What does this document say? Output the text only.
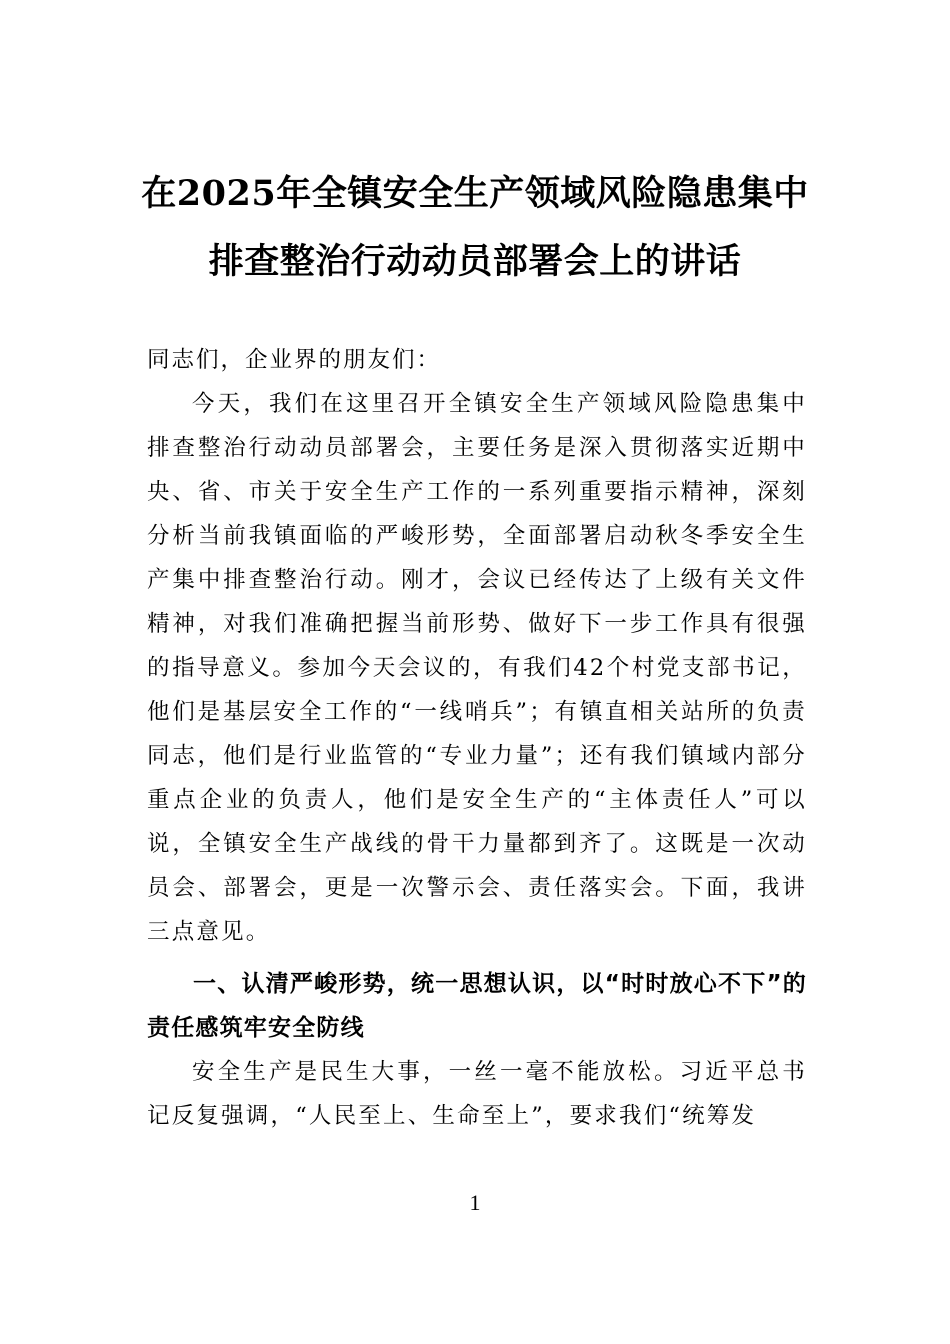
在2025年全镇安全生产领域风险隐患集中
排查整治行动动员部署会上的讲话

同志们，企业界的朋友们：

今天，我们在这里召开全镇安全生产领域风险隐患集中排查整治行动动员部署会，主要任务是深入贯彻落实近期中央、省、市关于安全生产工作的一系列重要指示精神，深刻分析当前我镇面临的严峻形势，全面部署启动秋冬季安全生产集中排查整治行动。刚才，会议已经传达了上级有关文件精神，对我们准确把握当前形势、做好下一步工作具有很强的指导意义。参加今天会议的，有我们42个村党支部书记，他们是基层安全工作的“一线哨兵”；有镇直相关站所的负责同志，他们是行业监管的“专业力量”；还有我们镇域内部分重点企业的负责人，他们是安全生产的“主体责任人”可以说，全镇安全生产战线的骨干力量都到齐了。这既是一次动员会、部署会，更是一次警示会、责任落实会。下面，我讲三点意见。

一、认清严峻形势，统一思想认识，以“时时放心不下”的责任感筑牢安全防线

安全生产是民生大事，一丝一毫不能放松。习近平总书记反复强调，“人民至上、生命至上”，要求我们“统筹发

1
